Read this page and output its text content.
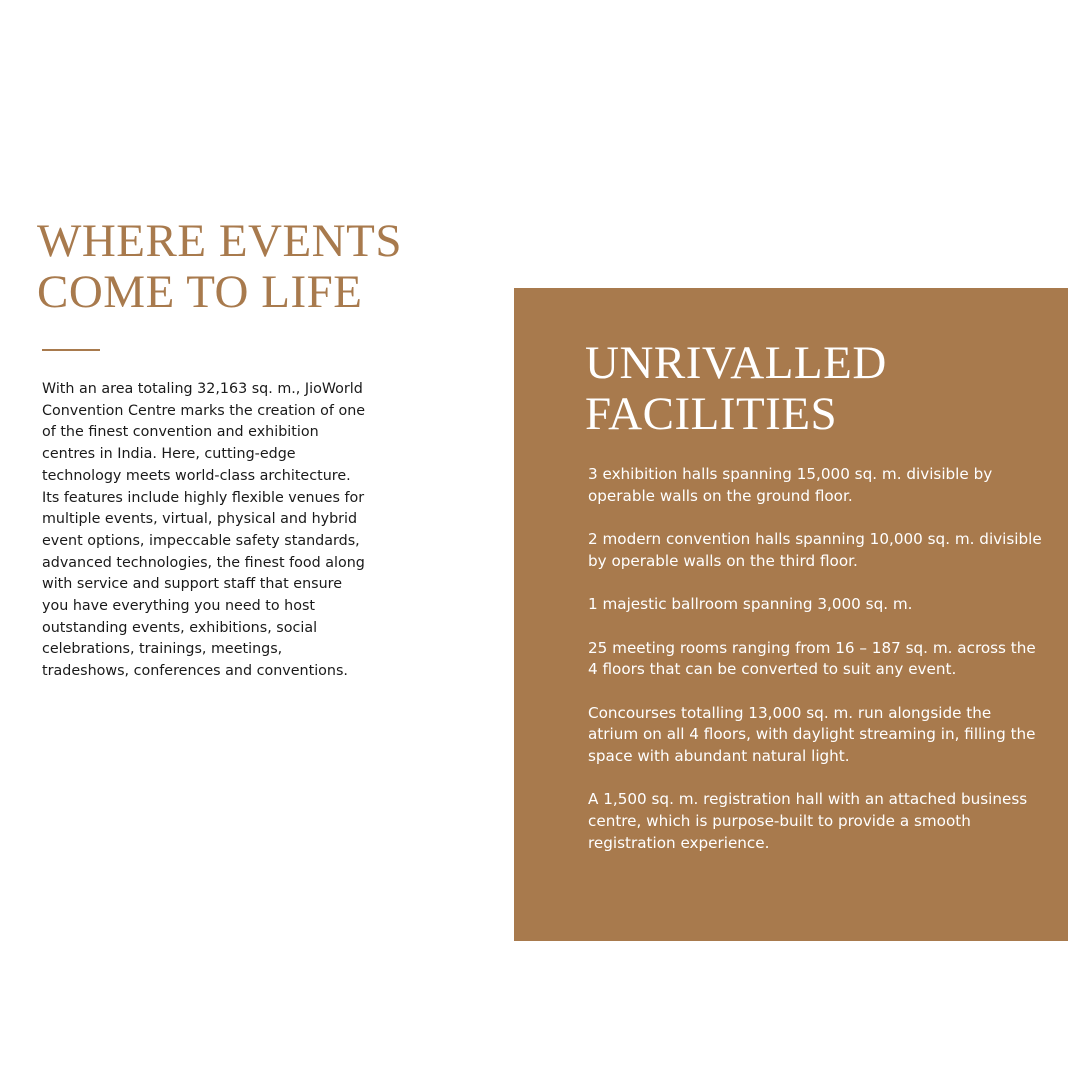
WHERE EVENTS
COME TO LIFE

With an area totaling 32,163 sq. m., JioWorld Convention Centre marks the creation of one of the finest convention and exhibition centres in India. Here, cutting-edge technology meets world-class architecture. Its features include highly flexible venues for multiple events, virtual, physical and hybrid event options, impeccable safety standards, advanced technologies, the finest food along with service and support staff that ensure you have everything you need to host outstanding events, exhibitions, social celebrations, trainings, meetings, tradeshows, conferences and conventions.

UNRIVALLED
FACILITIES
3 exhibition halls spanning 15,000 sq. m. divisible by operable walls on the ground floor.
2 modern convention halls spanning 10,000 sq. m. divisible by operable walls on the third floor.
1 majestic ballroom spanning 3,000 sq. m.
25 meeting rooms ranging from 16 – 187 sq. m. across the 4 floors that can be converted to suit any event.
Concourses totalling 13,000 sq. m. run alongside the atrium on all 4 floors, with daylight streaming in, filling the space with abundant natural light.
A 1,500 sq. m. registration hall with an attached business centre, which is purpose-built to provide a smooth registration experience.
